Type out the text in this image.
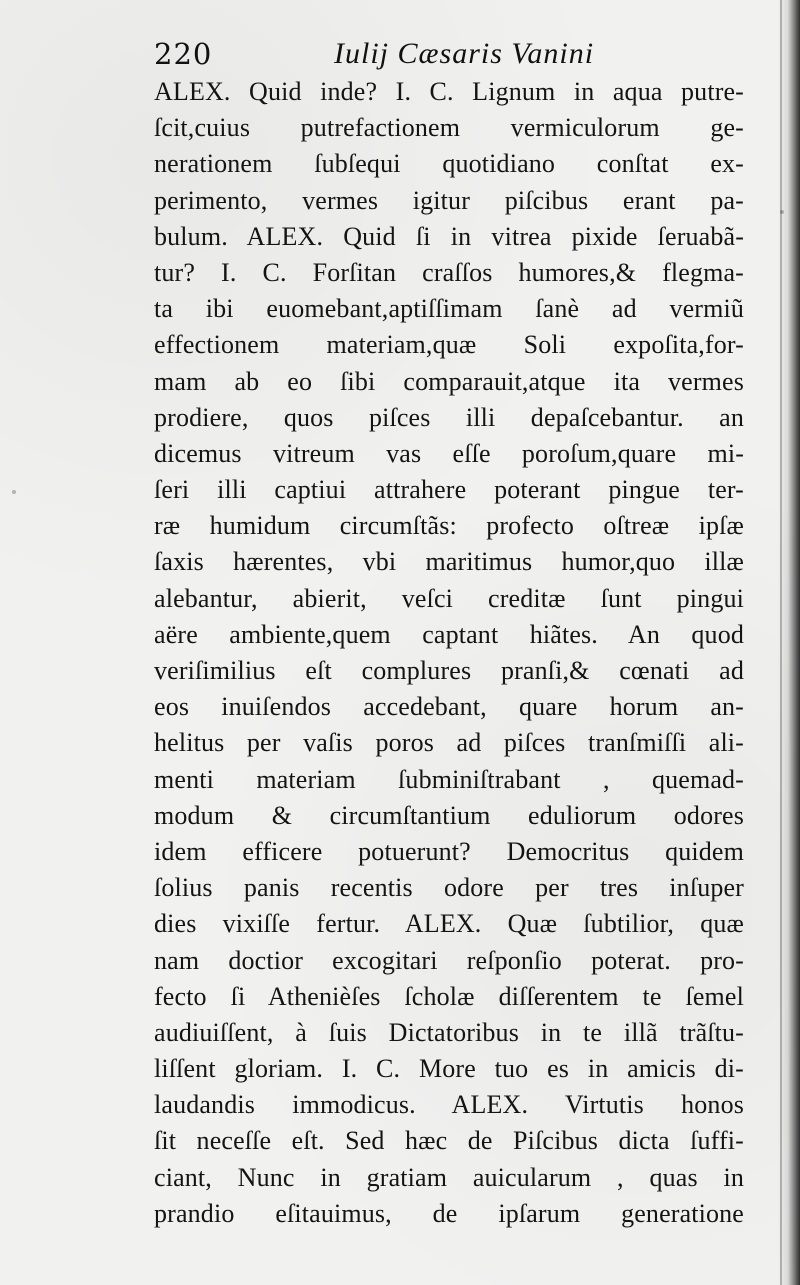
220	Iulij Cæsaris Vanini
ALEX. Quid inde? I. C. Lignum in aqua putre-
ſcit,cuius putrefactionem vermiculorum ge-
nerationem ſubſequi quotidiano conſtat ex-
perimento, vermes igitur piſcibus erant pa-
bulum. ALEX. Quid ſi in vitrea pixide ſeruabã-
tur? I. C. Forſitan craſſos humores,& flegma-
ta ibi euomebant,aptiſſimam ſanè ad vermiũ
effectionem materiam,quæ Soli expoſita,for-
mam ab eo ſibi comparauit,atque ita vermes
prodiere, quos piſces illi depaſcebantur. an
dicemus vitreum vas eſſe poroſum,quare mi-
ſeri illi captiui attrahere poterant pingue ter-
ræ humidum circumſtãs: profecto oſtreæ ipſæ
ſaxis hærentes, vbi maritimus humor,quo illæ
alebantur, abierit, veſci creditæ ſunt pingui
aëre ambiente,quem captant hiãtes. An quod
veriſimilius eſt complures pranſi,& cœnati ad
eos inuiſendos accedebant, quare horum an-
helitus per vaſis poros ad piſces tranſmiſſi ali-
menti materiam ſubminiſtrabant , quemad-
modum & circumſtantium eduliorum odores
idem efficere potuerunt? Democritus quidem
ſolius panis recentis odore per tres inſuper
dies vixiſſe fertur. ALEX. Quæ ſubtilior, quæ
nam doctior excogitari reſponſio poterat. pro-
fecto ſi Athenièſes ſcholæ diſſerentem te ſemel
audiuiſſent, à ſuis Dictatoribus in te illã trãſtu-
liſſent gloriam. I. C. More tuo es in amicis di-
laudandis immodicus. ALEX. Virtutis honos
ſit neceſſe eſt. Sed hæc de Piſcibus dicta ſuffi-
ciant, Nunc in gratiam auicularum , quas in
prandio eſitauimus, de ipſarum generatione
